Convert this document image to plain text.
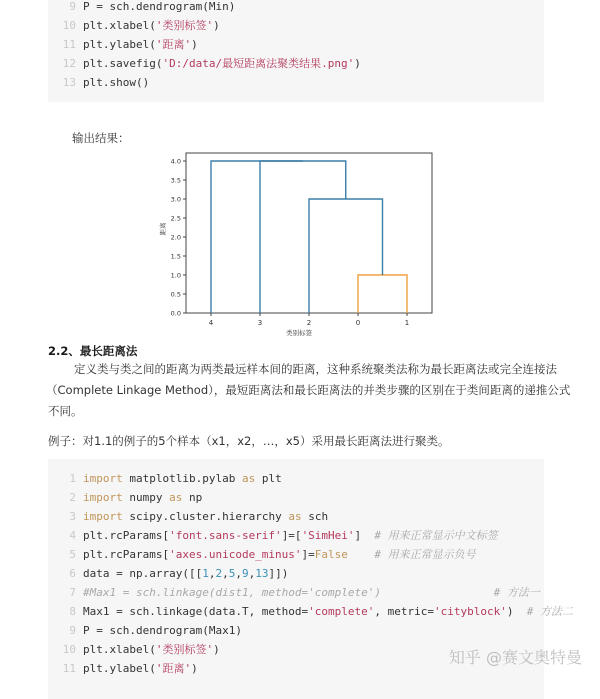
9 P = sch.dendrogram(Min)
10 plt.xlabel('类别标签')
11 plt.ylabel('距离')
12 plt.savefig('D:/data/最短距离法聚类结果.png')
13 plt.show()
输出结果：
0.0
0.5
1.0
1.5
2.0
2.5
3.0
3.5
4.0
4	3	2	0	1
类别标签
距离
2.2、最长距离法
定义类与类之间的距离为两类最远样本间的距离，这种系统聚类法称为最长距离法或完全连接法
（Complete Linkage Method），最短距离法和最长距离法的并类步骤的区别在于类间距离的递推公式
不同。
例子：对1.1的例子的5个样本（x1，x2，…，x5）采用最长距离法进行聚类。
1 import matplotlib.pylab as plt
2 import numpy as np
3 import scipy.cluster.hierarchy as sch
4 plt.rcParams['font.sans-serif']=['SimHei']  # 用来正常显示中文标签
5 plt.rcParams['axes.unicode_minus']=False # 用来正常显示负号
6 data = np.array([[1,2,5,9,13]])
7 #Max1 = sch.linkage(dist1, method='complete')                 # 方法一
8 Max1 = sch.linkage(data.T, method='complete', metric='cityblock')  # 方法二
9 P = sch.dendrogram(Max1)
10 plt.xlabel('类别标签')
11 plt.ylabel('距离')
知乎 @赛文奥特曼
